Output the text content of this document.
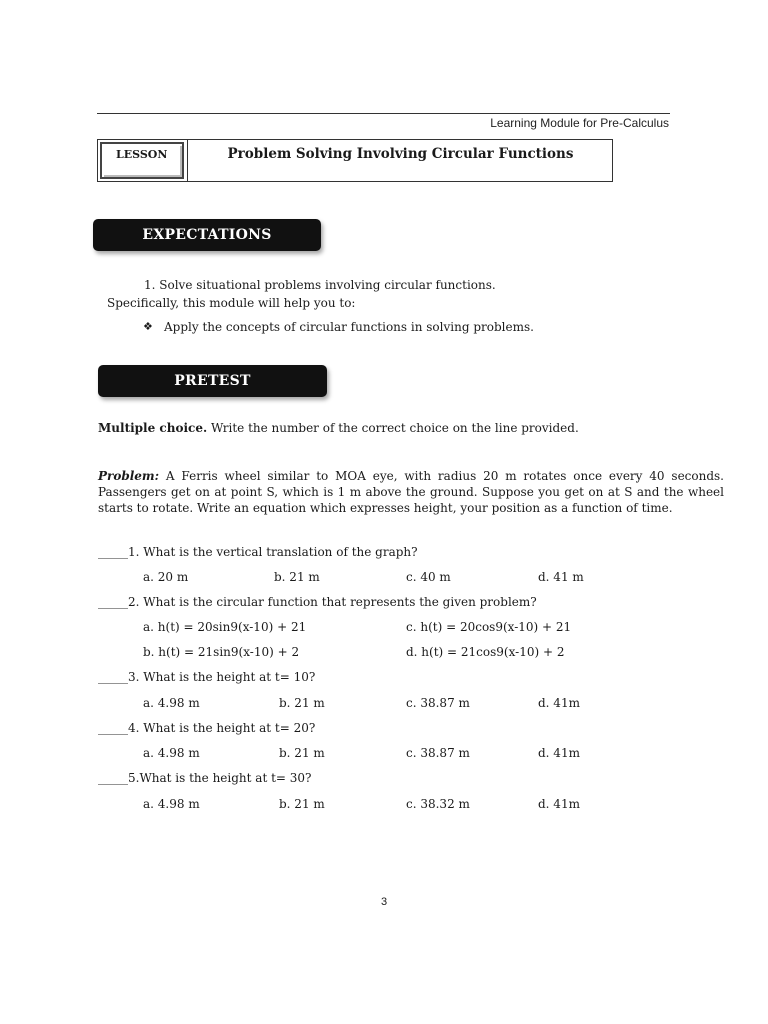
Learning Module for Pre-Calculus
LESSON	Problem Solving Involving Circular Functions
EXPECTATIONS
1. Solve situational problems involving circular functions.
Specifically, this module will help you to:
❖ Apply the concepts of circular functions in solving problems.
PRETEST
Multiple choice. Write the number of the correct choice on the line provided.
Problem: A Ferris wheel similar to MOA eye, with radius 20 m rotates once every 40 seconds. Passengers get on at point S, which is 1 m above the ground. Suppose you get on at S and the wheel starts to rotate. Write an equation which expresses height, your position as a function of time.
_____1. What is the vertical translation of the graph?
a. 20 m	b. 21 m	c. 40 m	d. 41 m
_____2. What is the circular function that represents the given problem?
a. h(t) = 20sin9(x-10) + 21	c. h(t) = 20cos9(x-10) + 21
b. h(t) = 21sin9(x-10) + 2	d. h(t) = 21cos9(x-10) + 2
_____3. What is the height at t= 10?
a. 4.98 m	b. 21 m	c. 38.87 m	d. 41m
_____4. What is the height at t= 20?
a. 4.98 m	b. 21 m	c. 38.87 m	d. 41m
_____5.What is the height at t= 30?
a. 4.98 m	b. 21 m	c. 38.32 m	d. 41m
3
